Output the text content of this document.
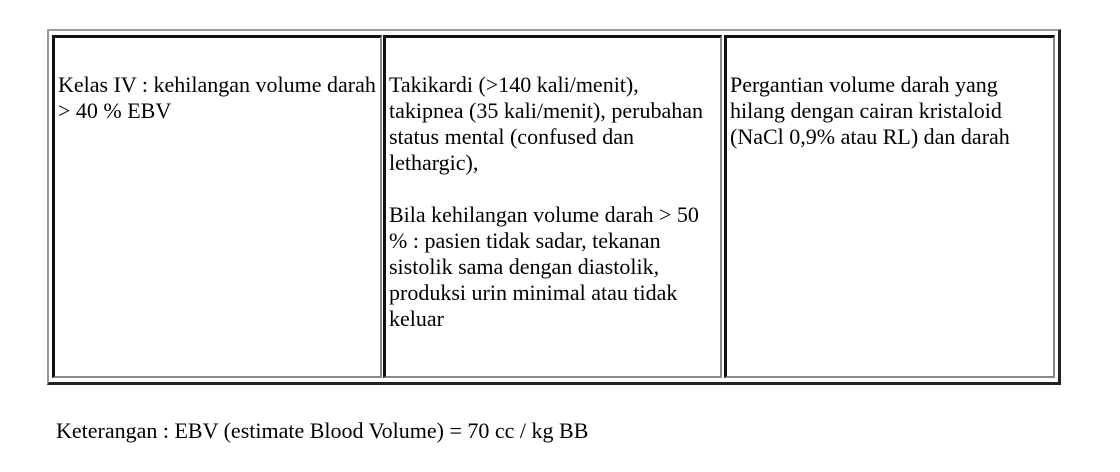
Kelas IV : kehilangan volume darah > 40 % EBV

Takikardi (>140 kali/menit), takipnea (35 kali/menit), perubahan status mental (confused dan lethargic),

Bila kehilangan volume darah > 50 % : pasien tidak sadar, tekanan sistolik sama dengan diastolik, produksi urin minimal atau tidak keluar

Pergantian volume darah yang hilang dengan cairan kristaloid (NaCl 0,9% atau RL) dan darah

Keterangan : EBV (estimate Blood Volume) = 70 cc / kg BB
